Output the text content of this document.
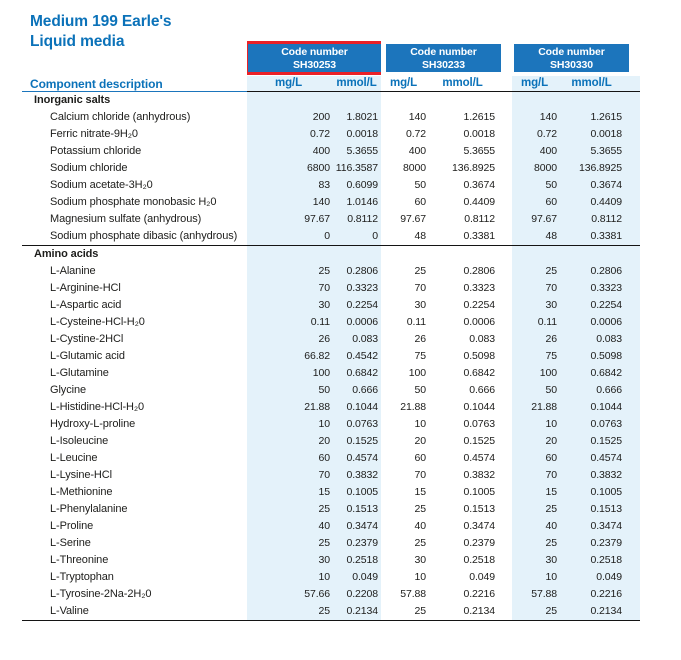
Medium 199 Earle's
Liquid media
Code number
SH30253
Code number
SH30233
Code number
SH30330
Component description	mg/L	mmol/L	mg/L	mmol/L	mg/L	mmol/L
Inorganic salts
Calcium chloride (anhydrous)	200	1.8021	140	1.2615	140	1.2615
Ferric nitrate-9H₂0	0.72	0.0018	0.72	0.0018	0.72	0.0018
Potassium chloride	400	5.3655	400	5.3655	400	5.3655
Sodium chloride	6800 116.3587	8000	136.8925	8000	136.8925
Sodium acetate-3H₂0	83	0.6099	50	0.3674	50	0.3674
Sodium phosphate monobasic H₂0	140	1.0146	60	0.4409	60	0.4409
Magnesium sulfate (anhydrous)	97.67	0.8112	97.67	0.8112	97.67	0.8112
Sodium phosphate dibasic (anhydrous)	0	0	48	0.3381	48	0.3381
Amino acids
L-Alanine	25	0.2806	25	0.2806	25	0.2806
L-Arginine-HCl	70	0.3323	70	0.3323	70	0.3323
L-Aspartic acid	30	0.2254	30	0.2254	30	0.2254
L-Cysteine-HCl-H₂0	0.11	0.0006	0.11	0.0006	0.11	0.0006
L-Cystine-2HCl	26	0.083	26	0.083	26	0.083
L-Glutamic acid	66.82	0.4542	75	0.5098	75	0.5098
L-Glutamine	100	0.6842	100	0.6842	100	0.6842
Glycine	50	0.666	50	0.666	50	0.666
L-Histidine-HCl-H₂0	21.88	0.1044	21.88	0.1044	21.88	0.1044
Hydroxy-L-proline	10	0.0763	10	0.0763	10	0.0763
L-Isoleucine	20	0.1525	20	0.1525	20	0.1525
L-Leucine	60	0.4574	60	0.4574	60	0.4574
L-Lysine-HCl	70	0.3832	70	0.3832	70	0.3832
L-Methionine	15	0.1005	15	0.1005	15	0.1005
L-Phenylalanine	25	0.1513	25	0.1513	25	0.1513
L-Proline	40	0.3474	40	0.3474	40	0.3474
L-Serine	25	0.2379	25	0.2379	25	0.2379
L-Threonine	30	0.2518	30	0.2518	30	0.2518
L-Tryptophan	10	0.049	10	0.049	10	0.049
L-Tyrosine-2Na-2H₂0	57.66	0.2208	57.88	0.2216	57.88	0.2216
L-Valine	25	0.2134	25	0.2134	25	0.2134
